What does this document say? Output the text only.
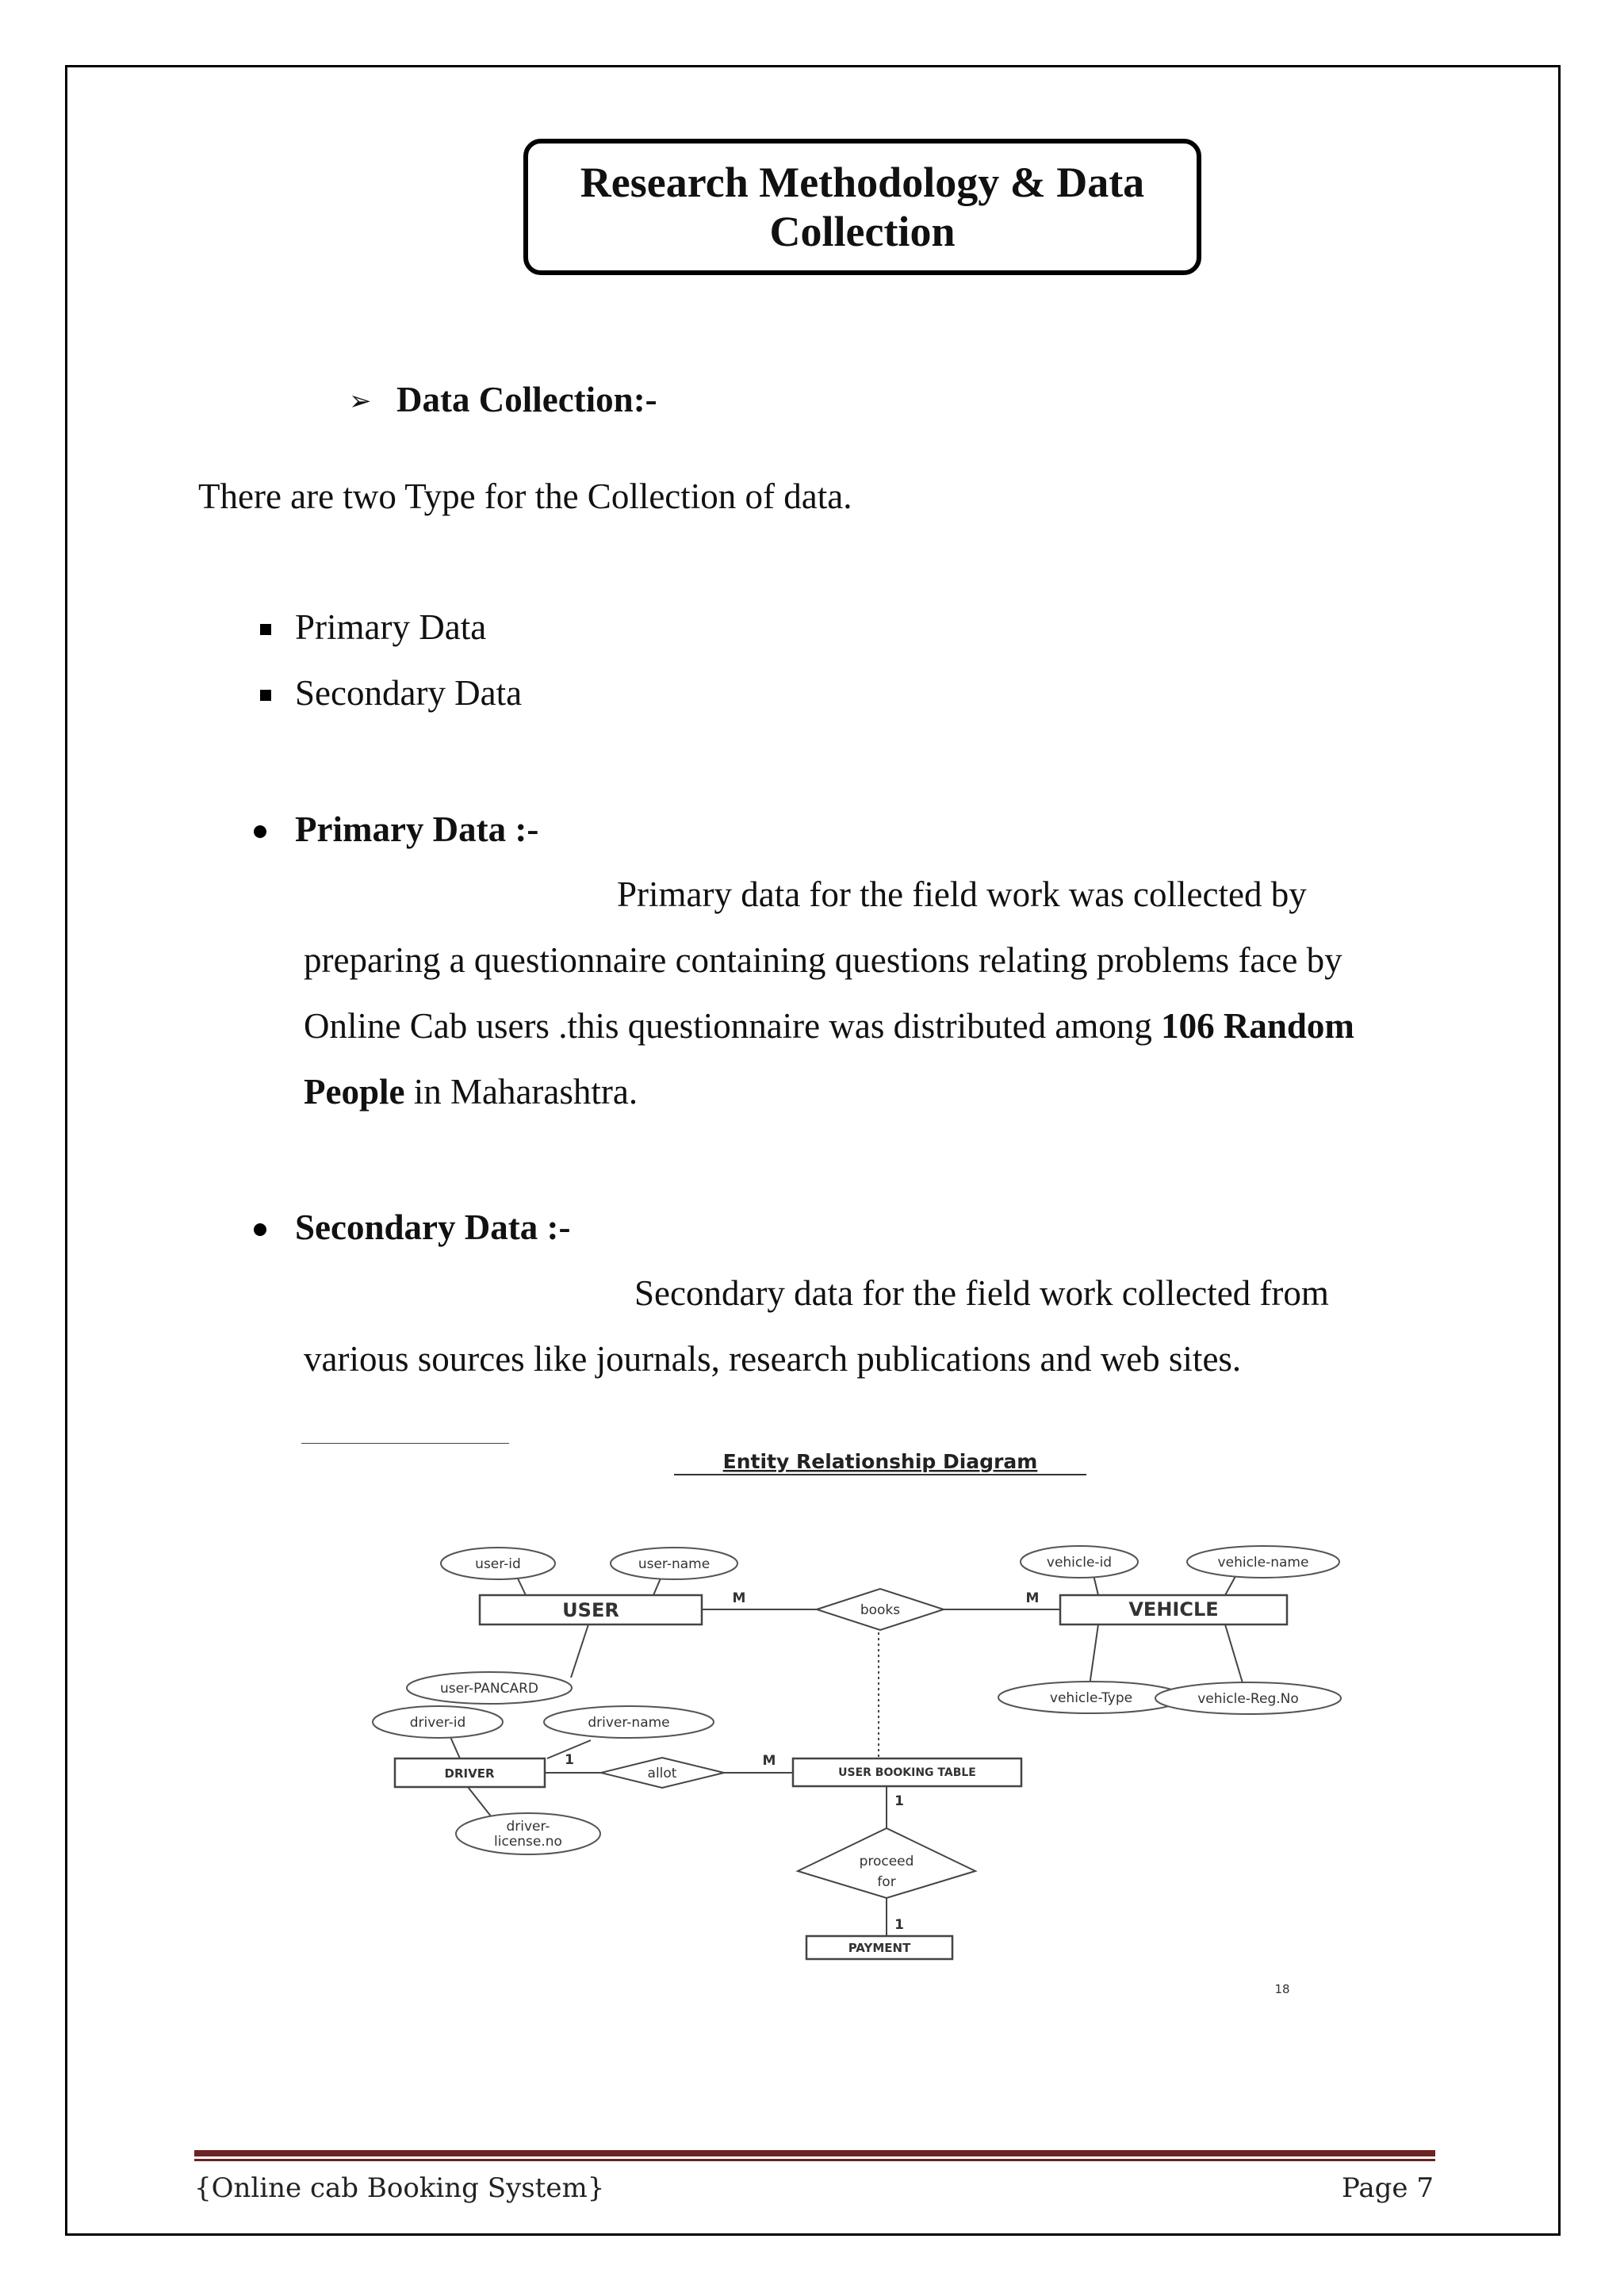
Research Methodology & Data
Collection
➢ Data Collection:-
There are two Type for the Collection of data.
Primary Data
Secondary Data
Primary Data :-
Primary data for the field work was collected by
preparing a questionnaire containing questions relating problems face by
Online Cab users .this questionnaire was distributed among 106 Random
People in Maharashtra.
Secondary Data :-
Secondary data for the field work collected from
various sources like journals, research publications and web sites.
Entity Relationship Diagram
user-id	user-name
user-PANCARD
vehicle-id	vehicle-name
vehicle-Type	vehicle-Reg.No
driver-id	driver-name
driver-
license.no
USER	VEHICLE
DRIVER	USER BOOKING TABLE
PAYMENT
books
allot
proceed
for
M	M
1	M
1
1
18
{Online cab Booking System}	Page 7
